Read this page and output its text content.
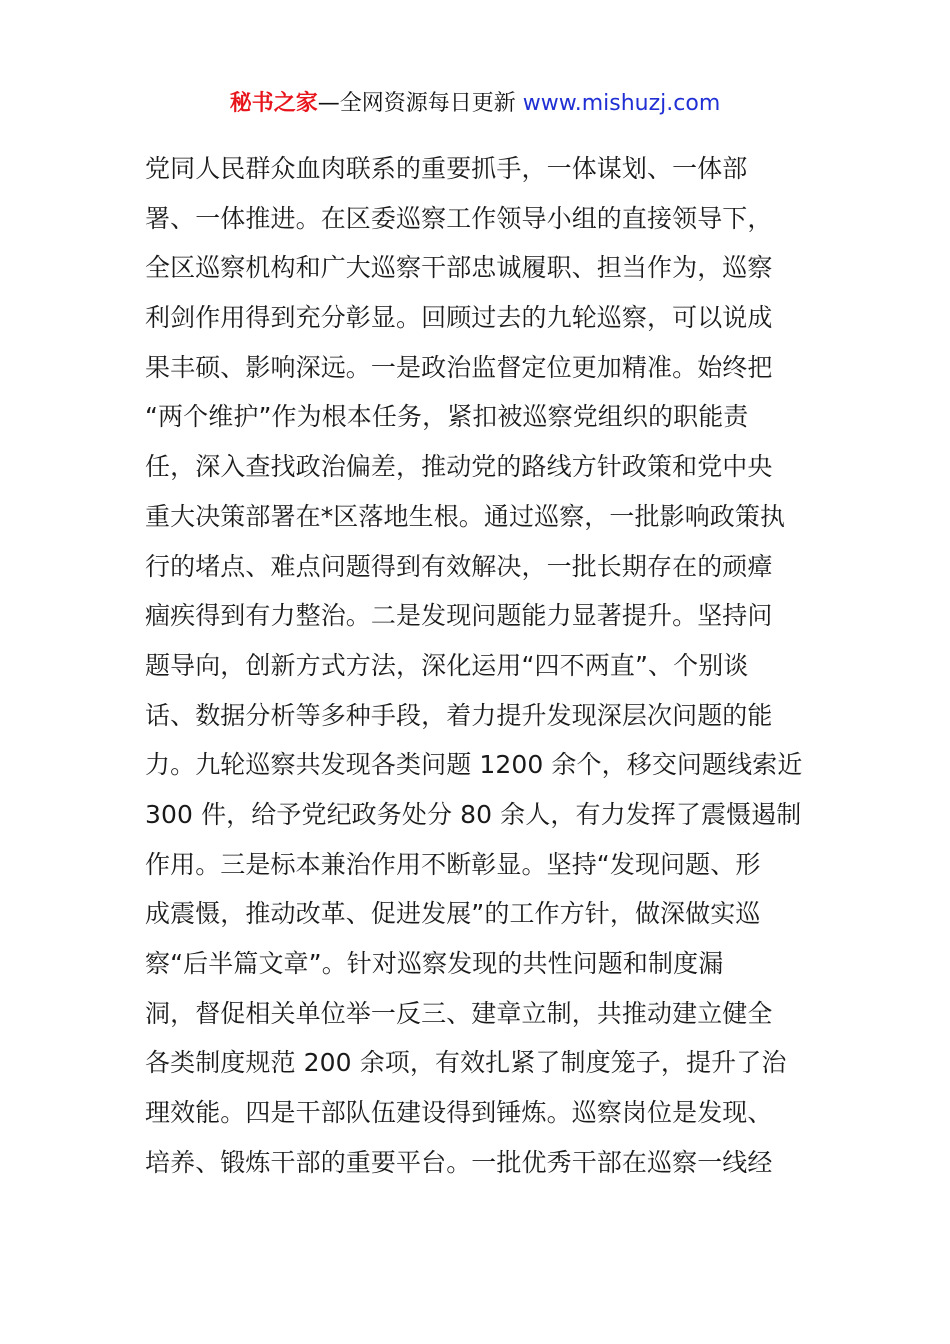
秘书之家—全网资源每日更新 www.mishuzj.com
党同人民群众血肉联系的重要抓手，一体谋划、一体部
署、一体推进。在区委巡察工作领导小组的直接领导下，
全区巡察机构和广大巡察干部忠诚履职、担当作为，巡察
利剑作用得到充分彰显。回顾过去的九轮巡察，可以说成
果丰硕、影响深远。一是政治监督定位更加精准。始终把
“两个维护”作为根本任务，紧扣被巡察党组织的职能责
任，深入查找政治偏差，推动党的路线方针政策和党中央
重大决策部署在*区落地生根。通过巡察，一批影响政策执
行的堵点、难点问题得到有效解决，一批长期存在的顽瘴
痼疾得到有力整治。二是发现问题能力显著提升。坚持问
题导向，创新方式方法，深化运用“四不两直”、个别谈
话、数据分析等多种手段，着力提升发现深层次问题的能
力。九轮巡察共发现各类问题 1200 余个，移交问题线索近
300 件，给予党纪政务处分 80 余人，有力发挥了震慑遏制
作用。三是标本兼治作用不断彰显。坚持“发现问题、形
成震慑，推动改革、促进发展”的工作方针，做深做实巡
察“后半篇文章”。针对巡察发现的共性问题和制度漏
洞，督促相关单位举一反三、建章立制，共推动建立健全
各类制度规范 200 余项，有效扎紧了制度笼子，提升了治
理效能。四是干部队伍建设得到锤炼。巡察岗位是发现、
培养、锻炼干部的重要平台。一批优秀干部在巡察一线经
